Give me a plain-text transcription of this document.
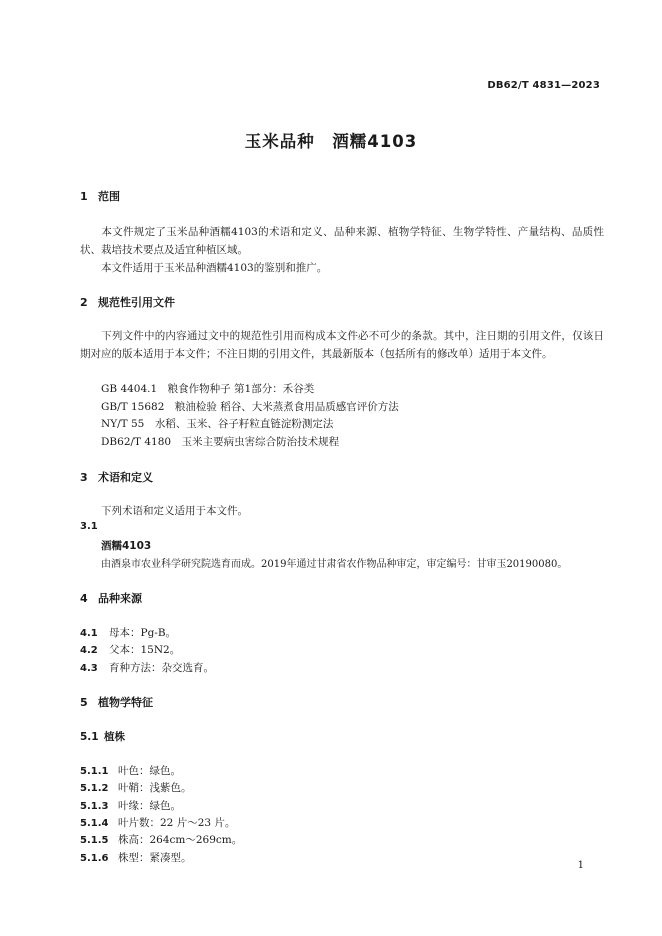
DB62/T 4831—2023
玉米品种　酒糯4103
1 范围
本文件规定了玉米品种酒糯4103的术语和定义、品种来源、植物学特征、生物学特性、产量结构、品质性状、栽培技术要点及适宜种植区域。
本文件适用于玉米品种酒糯4103的鉴别和推广。
2 规范性引用文件
下列文件中的内容通过文中的规范性引用而构成本文件必不可少的条款。其中，注日期的引用文件，仅该日期对应的版本适用于本文件；不注日期的引用文件，其最新版本（包括所有的修改单）适用于本文件。
GB 4404.1　粮食作物种子 第1部分：禾谷类
GB/T 15682　粮油检验 稻谷、大米蒸煮食用品质感官评价方法
NY/T 55　水稻、玉米、谷子籽粒直链淀粉测定法
DB62/T 4180　玉米主要病虫害综合防治技术规程
3 术语和定义
下列术语和定义适用于本文件。
3.1
酒糯4103
由酒泉市农业科学研究院选育而成。2019年通过甘肃省农作物品种审定，审定编号：甘审玉20190080。
4 品种来源
4.1 母本：Pg-B。
4.2 父本：15N2。
4.3 育种方法：杂交选育。
5 植物学特征
5.1 植株
5.1.1 叶色：绿色。
5.1.2 叶鞘：浅紫色。
5.1.3 叶缘：绿色。
5.1.4 叶片数：22 片～23 片。
5.1.5 株高：264cm～269cm。
5.1.6 株型：紧凑型。
1
